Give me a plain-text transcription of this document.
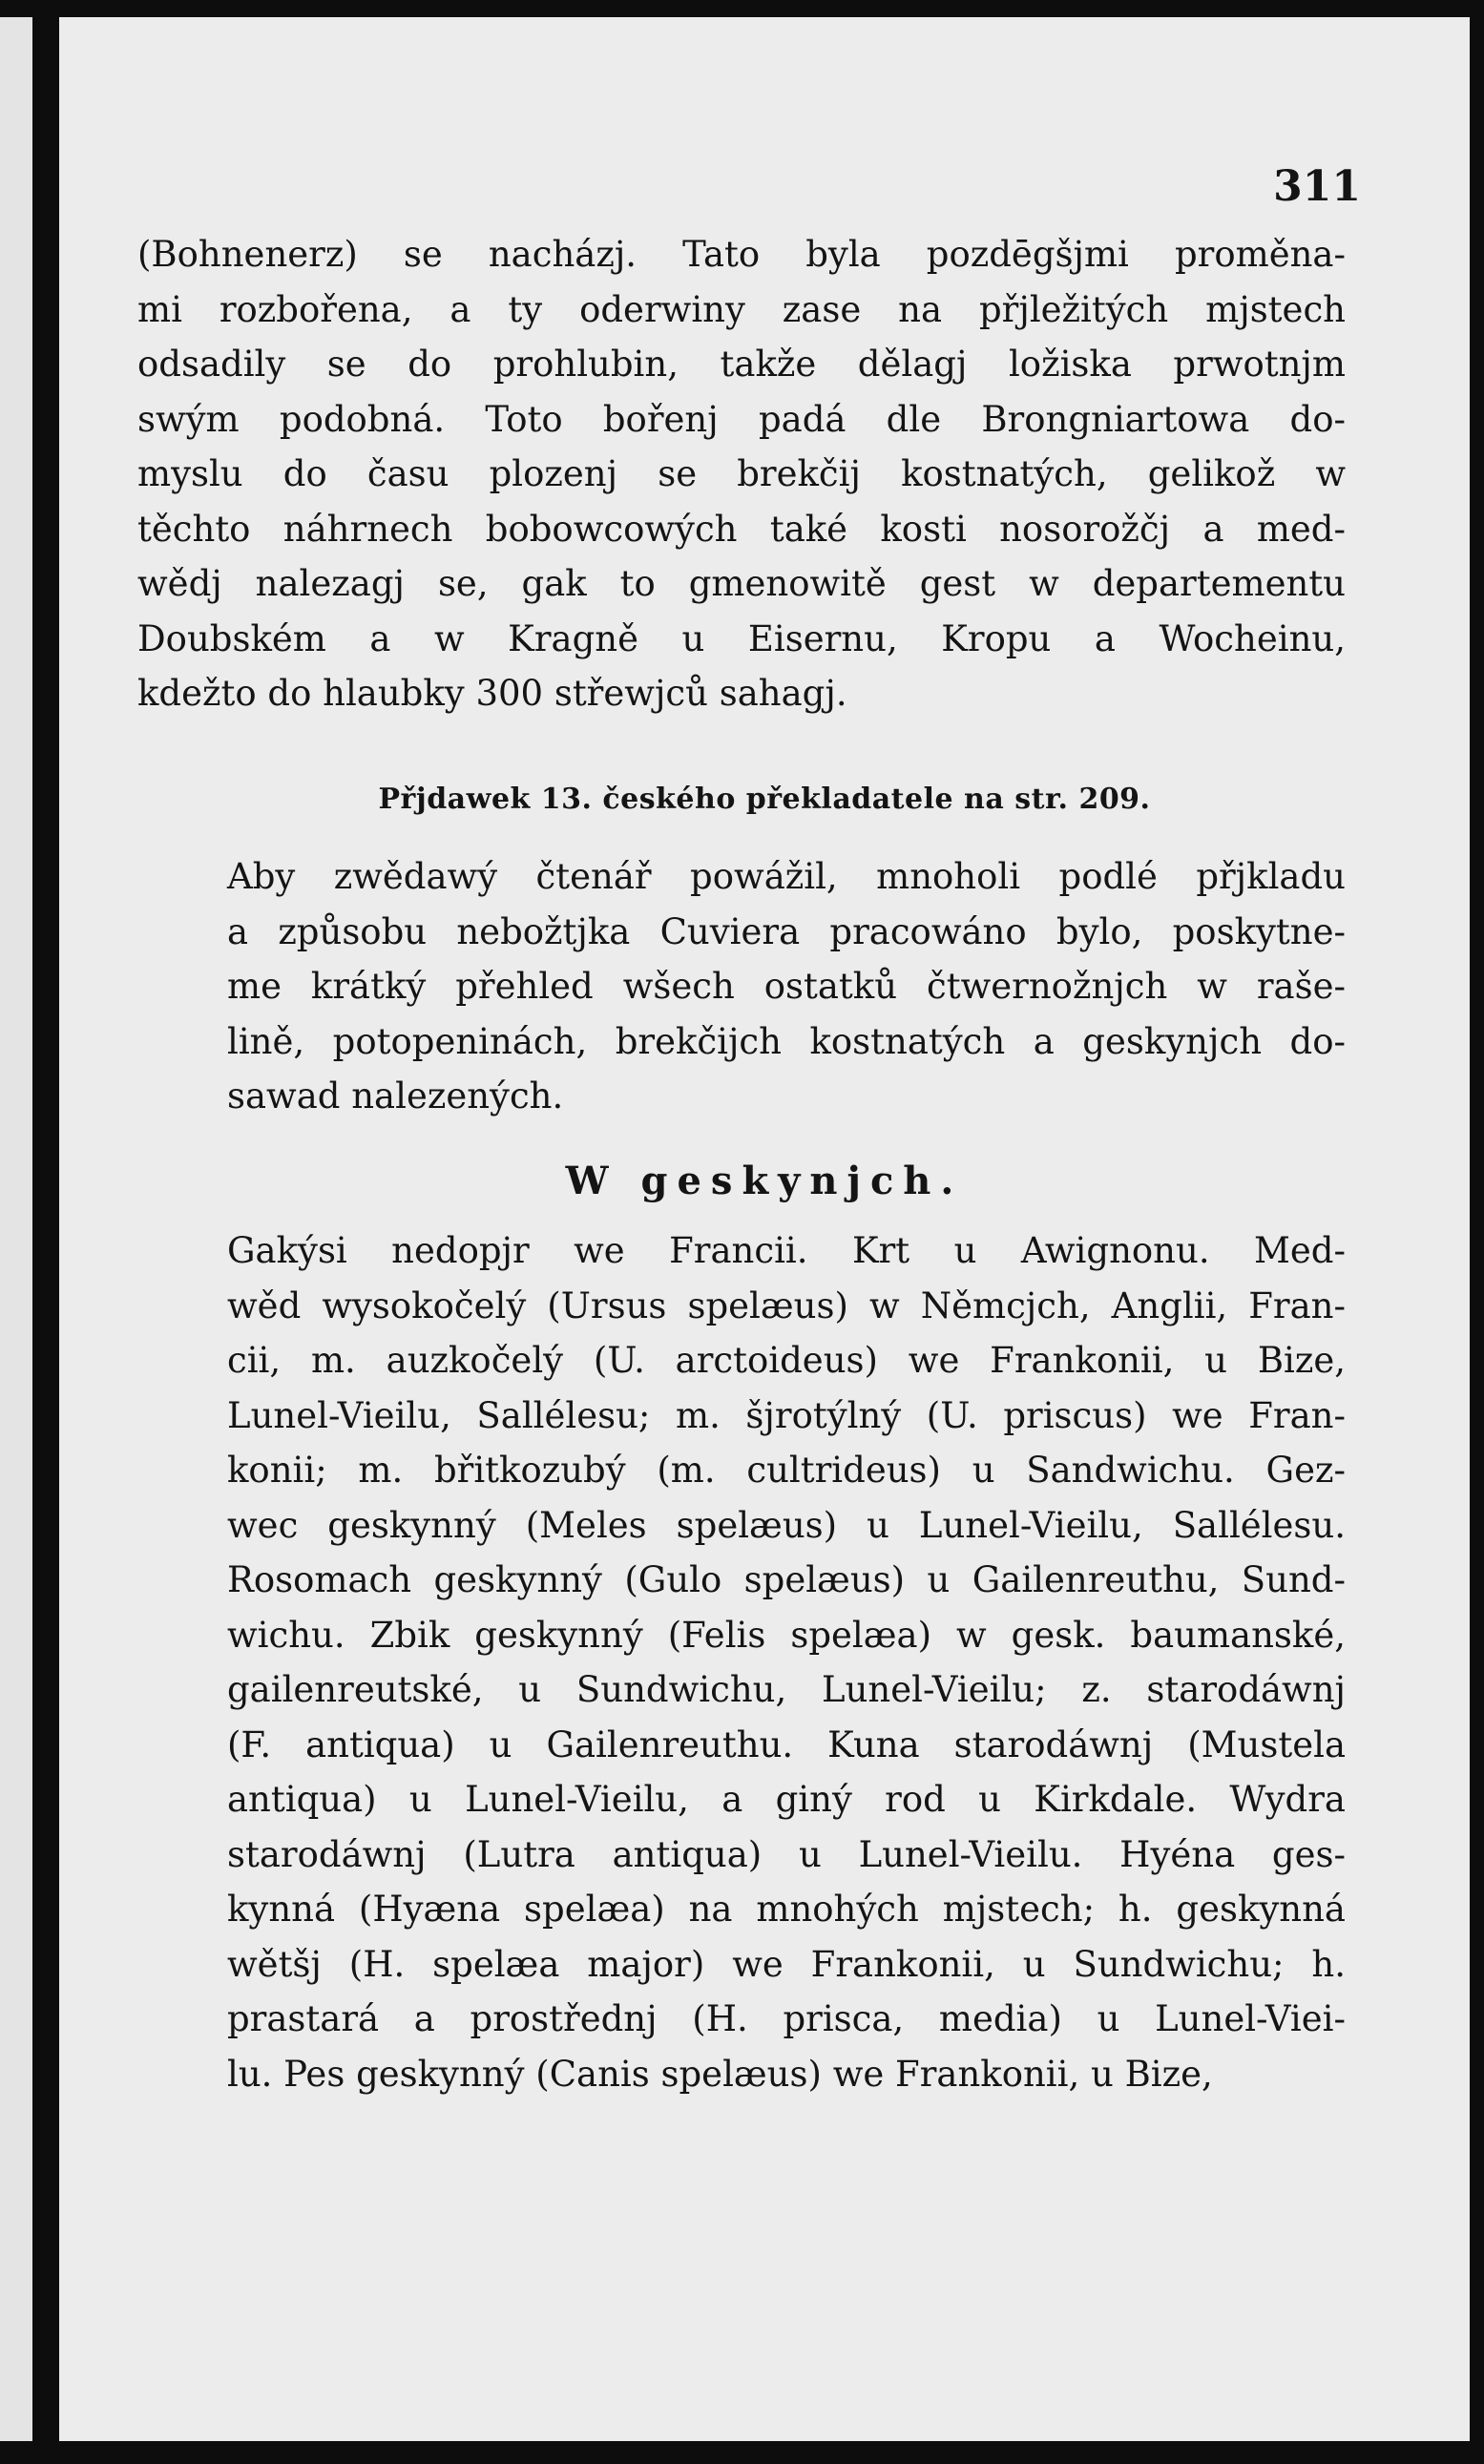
311

(Bohnenerz) se nacházj. Tato byla pozdēgšjmi proměna-
mi rozbořena, a ty oderwiny zase na přjležitých mjstech
odsadily se do prohlubin, takže dělagj ložiska prwotnjm
swým podobná. Toto bořenj padá dle Brongniartowa do-
myslu do času plozenj se brekčij kostnatých, gelikož w
těchto náhrnech bobowcowých také kosti nosorožčj a med-
wědj nalezagj se, gak to gmenowitě gest w departementu
Doubském a w Kragně u Eisernu, Kropu a Wocheinu,
kdežto do hlaubky 300 střewjců sahagj.

Přjdawek 13. českého překladatele na str. 209.

Aby zwědawý čtenář powážil, mnoholi podlé přjkladu
a způsobu nebožtjka Cuviera pracowáno bylo, poskytne-
me krátký přehled wšech ostatků čtwernožnjch w raše-
lině, potopeninách, brekčijch kostnatých a geskynjch do-
sawad nalezených.

W geskynjch.

Gakýsi nedopjr we Francii. Krt u Awignonu. Med-
wěd wysokočelý (Ursus spelæus) w Němcjch, Anglii, Fran-
cii, m. auzkočelý (U. arctoideus) we Frankonii, u Bize,
Lunel-Vieilu, Sallélesu; m. šjrotýlný (U. priscus) we Fran-
konii; m. břitkozubý (m. cultrideus) u Sandwichu. Gez-
wec geskynný (Meles spelæus) u Lunel-Vieilu, Sallélesu.
Rosomach geskynný (Gulo spelæus) u Gailenreuthu, Sund-
wichu. Zbik geskynný (Felis spelæa) w gesk. baumanské,
gailenreutské, u Sundwichu, Lunel-Vieilu; z. starodáwnj
(F. antiqua) u Gailenreuthu. Kuna starodáwnj (Mustela
antiqua) u Lunel-Vieilu, a giný rod u Kirkdale. Wydra
starodáwnj (Lutra antiqua) u Lunel-Vieilu. Hyéna ges-
kynná (Hyæna spelæa) na mnohých mjstech; h. geskynná
wětšj (H. spelæa major) we Frankonii, u Sundwichu; h.
prastará a prostřednj (H. prisca, media) u Lunel-Viei-
lu. Pes geskynný (Canis spelæus) we Frankonii, u Bize,
